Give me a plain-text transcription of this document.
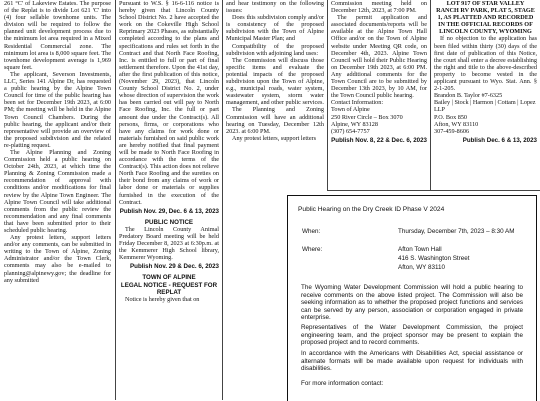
261 °C' of Lakeview Estates. The purpose of the Replat is to divide Lot 621 'C' into (4) four sellable townhome units. The division will be required to follow the planned unit development process due to the minimum lot area required in a Mixed Residential Commercial zone. The minimum lot area is 8,000 square feet. The townhome development average is 1,969 square feet.

The applicant, Severson Investments, LLC, Series 141 Alpine Dr, has requested a public hearing by the Alpine Town Council for time of the public hearing has been set for December 19th 2023, at 6:00 PM; the meeting will be held in the Alpine Town Council Chambers. During the public hearing, the applicant and/or their representative will provide an overview of the proposed subdivision and the related re-platting request.

The Alpine Planning and Zoning Commission held a public hearing on October 24th, 2023, at which time the Planning & Zoning Commission made a recommendation of approval with conditions and/or modifications for final review by the Alpine Town Engineer. The Alpine Town Council will take additional comments from the public review the recommendation and any final comments that have been submitted prior to their scheduled public hearing.

Any protest letters, support letters and/or any comments, can be submitted in writing to the Town of Alpine, Zoning Administrator and/or the Town Clerk, comments may also be e-mailed to planning@alpinewy.gov; the deadline for any submitted

Pursuant to W.S. § 16-6-116 notice is hereby given that Lincoln County School District No. 2 have accepted the work on the Cokeville High School Reprimary 2023 Phases, as substantially completed according to the plans and specifications and rules set forth in the Contract and that North Face Roofing, Inc. is entitled to full or part of final settlement therefore. Upon the 41st day, after the first publication of this notice, (November 29, 2023), that Lincoln County School District No. 2, under whose direction of supervision the work has been carried out will pay to North Face Roofing, Inc. the full or part amount due under the Contract(s). All persons, firms, or corporations who have any claims for work done or materials furnished on said public work are hereby notified that final payment will be made to North Face Roofing in accordance with the terms of the Contract(s). This action does not relieve North Face Roofing and the sureties on their bond from any claims of work or labor done or materials or supplies furnished in the execution of the Contract.

Publish Nov. 29, Dec. 6 & 13, 2023

PUBLIC NOTICE

The Lincoln County Animal Predatory Board meeting will be held Friday December 8, 2023 at 6:30p.m. at the Kemmerer High School library, Kemmerer Wyoming.

Publish Nov. 29 & Dec. 6, 2023

TOWN OF ALPINE

LEGAL NOTICE - REQUEST FOR REPLAT

Notice is hereby given that on

and hear testimony on the following issues:

Does this subdivision comply and/or is consistency of the proposed subdivision with the Town of Alpine Municipal Master Plan; and

Compatibility of the proposed subdivision with adjoining land uses:

The Commission will discuss those specific items and evaluate the potential impacts of the proposed subdivision upon the Town of Alpine, e.g., municipal roads, water system, wastewater system, storm water management, and other public services.

The Planning and Zoning Commission will have an additional hearing on Tuesday, December 12th 2023. at 6:00 PM.

Any protest letters, support letters

Commission meeting held on December 12th, 2023, at 7:00 PM.

The permit application and associated documents/reports will be available at the Alpine Town Hall Office and/or on the Town of Alpine website under Meeting QR code, on December 4th, 2023. Alpine Town Council will hold their Public Hearing on December 19th 2023, at 6:00 PM. Any additional comments for the Town Council are to be submitted by December 13th 2023, by 10 AM, for the Town Council public hearing.

Contact Information:

Town of Alpine

250 River Circle – Box 3070

Alpine, WY 83128

(307) 654-7757

Publish Nov. 8, 22 & Dec. 6, 2023

LOT 917 OF STAR VALLEY

RANCH RV PARK, PLAT 5, STAGE

1, AS PLATTED AND RECORDED

IN THE OFFICIAL RECORDS OF

LINCOLN COUNTY, WYOMING

If no objection to the application has been filed within thirty (30) days of the first date of publication of this Notice, the court shall enter a decree establishing the right and title to the above-described property to become vested in the applicant pursuant to Wyo. Stat. Ann. § 2-1-205.

Brandon B. Taylor #7-6325

Bailey | Stock | Harmon | Cottam | Lopez LLP

P.O. Box 850

Afton, WY 83110

307-459-8606

Publish Dec. 6 & 13, 2023

Public Hearing on the Dry Creek ID Phase V 2024
When:	Thursday, December 7th, 2023 – 8:30 AM
Where:	Afton Town Hall
416 S. Washington Street
Afton, WY 83110
The Wyoming Water Development Commission will hold a public hearing to receive comments on the above listed project. The Commission will also be seeking information as to whether the proposed project functions and services can be served by any person, association or corporation engaged in private enterprise.
Representatives of the Water Development Commission, the project engineering team, and the project sponsor may be present to explain the proposed project and to record comments.
In accordance with the Americans with Disabilities Act, special assistance or alternate formats will be made available upon request for individuals with disabilities.
For more information contact:
